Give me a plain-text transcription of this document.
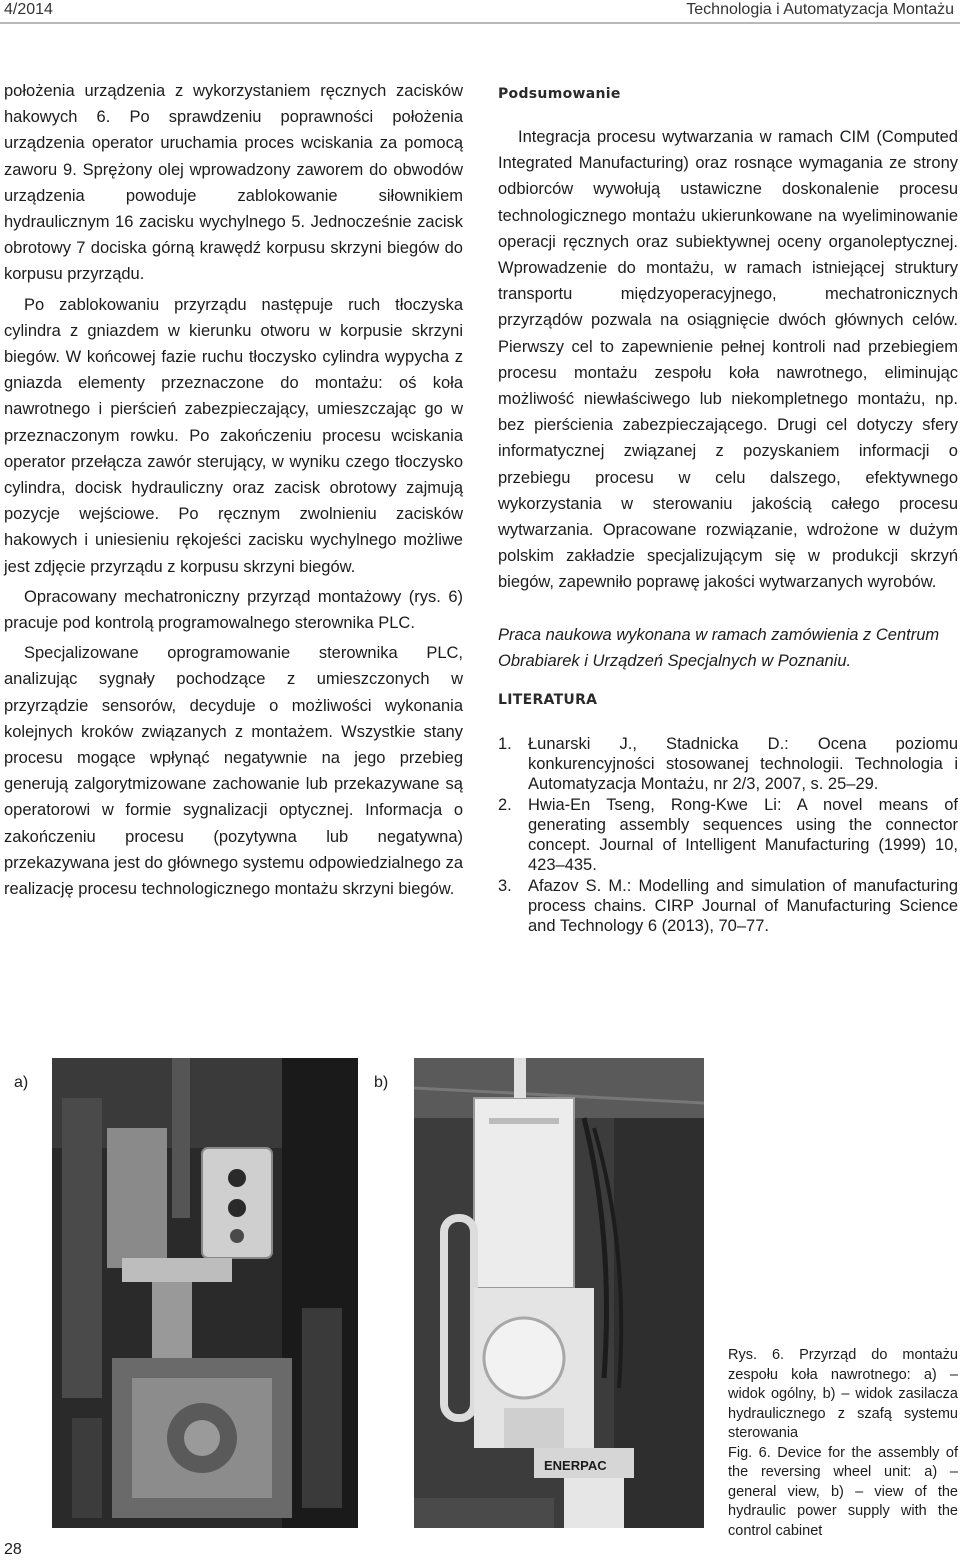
4/2014	Technologia i Automatyzacja Montażu

położenia urządzenia z wykorzystaniem ręcznych zacisków hakowych 6. Po sprawdzeniu poprawności położenia urządzenia operator uruchamia proces wciskania za pomocą zaworu 9. Sprężony olej wprowadzony zaworem do obwodów urządzenia powoduje zablokowanie siłownikiem hydraulicznym 16 zacisku wychylnego 5. Jednocześnie zacisk obrotowy 7 dociska górną krawędź korpusu skrzyni biegów do korpusu przyrządu.

Po zablokowaniu przyrządu następuje ruch tłoczyska cylindra z gniazdem w kierunku otworu w korpusie skrzyni biegów. W końcowej fazie ruchu tłoczysko cylindra wypycha z gniazda elementy przeznaczone do montażu: oś koła nawrotnego i pierścień zabezpieczający, umieszczając go w przeznaczonym rowku. Po zakończeniu procesu wciskania operator przełącza zawór sterujący, w wyniku czego tłoczysko cylindra, docisk hydrauliczny oraz zacisk obrotowy zajmują pozycje wejściowe. Po ręcznym zwolnieniu zacisków hakowych i uniesieniu rękojeści zacisku wychylnego możliwe jest zdjęcie przyrządu z korpusu skrzyni biegów.

Opracowany mechatroniczny przyrząd montażowy (rys. 6) pracuje pod kontrolą programowalnego sterownika PLC.

Specjalizowane oprogramowanie sterownika PLC, analizując sygnały pochodzące z umieszczonych w przyrządzie sensorów, decyduje o możliwości wykonania kolejnych kroków związanych z montażem. Wszystkie stany procesu mogące wpłynąć negatywnie na jego przebieg generują zalgorytmizowane zachowanie lub przekazywane są operatorowi w formie sygnalizacji optycznej. Informacja o zakończeniu procesu (pozytywna lub negatywna) przekazywana jest do głównego systemu odpowiedzialnego za realizację procesu technologicznego montażu skrzyni biegów.

Podsumowanie

Integracja procesu wytwarzania w ramach CIM (Computed Integrated Manufacturing) oraz rosnące wymagania ze strony odbiorców wywołują ustawiczne doskonalenie procesu technologicznego montażu ukierunkowane na wyeliminowanie operacji ręcznych oraz subiektywnej oceny organoleptycznej. Wprowadzenie do montażu, w ramach istniejącej struktury transportu międzyoperacyjnego, mechatronicznych przyrządów pozwala na osiągnięcie dwóch głównych celów. Pierwszy cel to zapewnienie pełnej kontroli nad przebiegiem procesu montażu zespołu koła nawrotnego, eliminując możliwość niewłaściwego lub niekompletnego montażu, np. bez pierścienia zabezpieczającego. Drugi cel dotyczy sfery informatycznej związanej z pozyskaniem informacji o przebiegu procesu w celu dalszego, efektywnego wykorzystania w sterowaniu jakością całego procesu wytwarzania. Opracowane rozwiązanie, wdrożone w dużym polskim zakładzie specjalizującym się w produkcji skrzyń biegów, zapewniło poprawę jakości wytwarzanych wyrobów.

Praca naukowa wykonana w ramach zamówienia z Centrum Obrabiarek i Urządzeń Specjalnych w Poznaniu.

LITERATURA
1. Łunarski J., Stadnicka D.: Ocena poziomu konkurencyjności stosowanej technologii. Technologia i Automatyzacja Montażu, nr 2/3, 2007, s. 25–29.
2. Hwia-En Tseng, Rong-Kwe Li: A novel means of generating assembly sequences using the connector concept. Journal of Intelligent Manufacturing (1999) 10, 423–435.
3. Afazov S. M.: Modelling and simulation of manufacturing process chains. CIRP Journal of Manufacturing Science and Technology 6 (2013), 70–77.
a)	b)
ENERPAC
Rys. 6. Przyrząd do montażu zespołu koła nawrotnego: a) – widok ogólny, b) – widok zasilacza hydraulicznego z szafą systemu sterowania
Fig. 6. Device for the assembly of the reversing wheel unit: a) – general view, b) – view of the hydraulic power supply with the control cabinet
28
